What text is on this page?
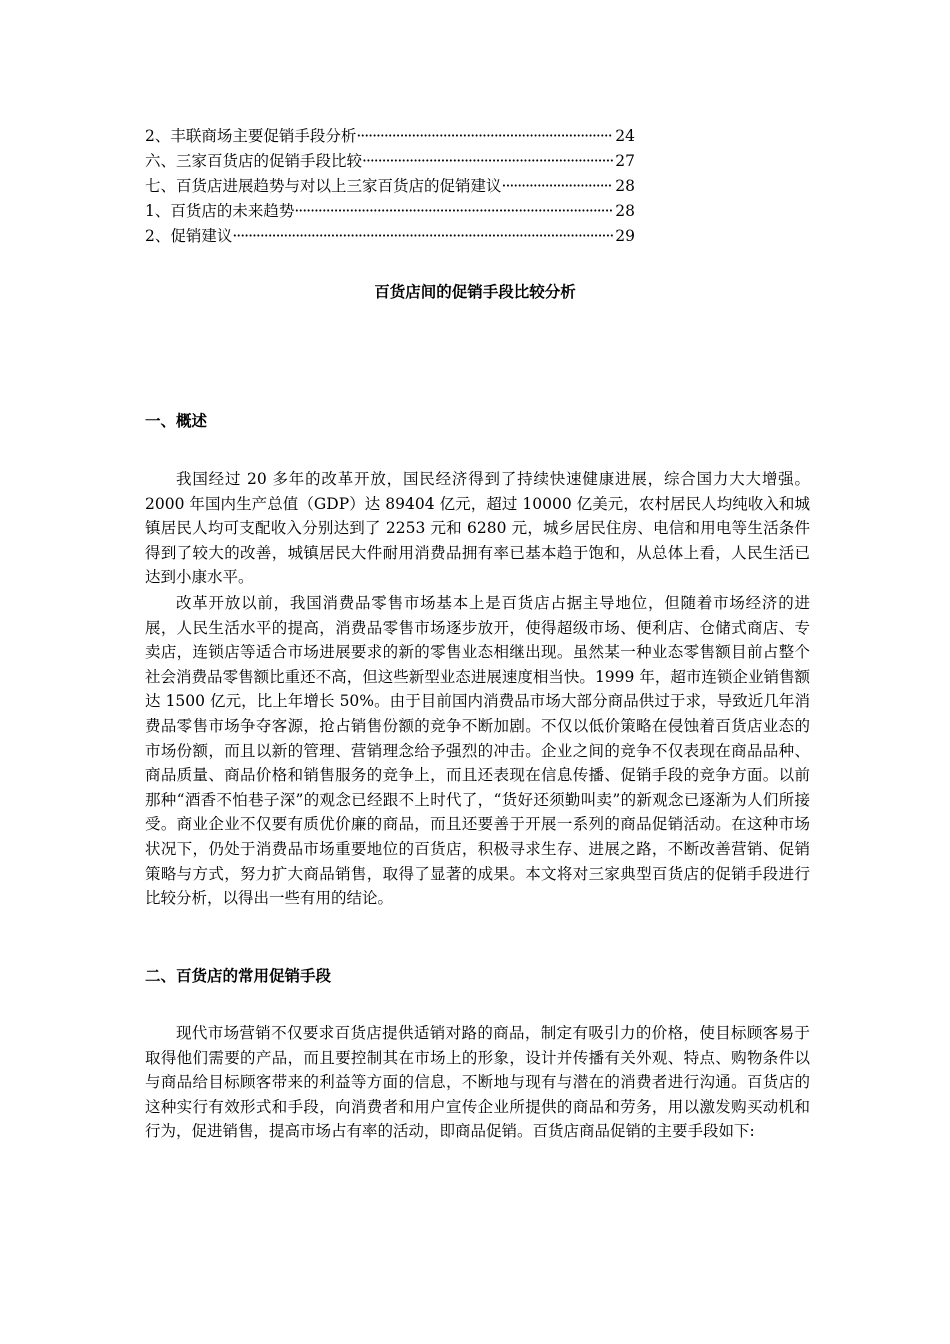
2、丰联商场主要促销手段分析 ·····	24
六、三家百货店的促销手段比较 ·····	27
七、百货店进展趋势与对以上三家百货店的促销建议 ·····	28
1、百货店的未来趋势 ·····	28
2、促销建议 ·····	29
百货店间的促销手段比较分析
一、概述

我国经过 20 多年的改革开放，国民经济得到了持续快速健康进展，综合国力大大增强。2000 年国内生产总值（GDP）达 89404 亿元，超过 10000 亿美元，农村居民人均纯收入和城镇居民人均可支配收入分别达到了 2253 元和 6280 元，城乡居民住房、电信和用电等生活条件得到了较大的改善，城镇居民大件耐用消费品拥有率已基本趋于饱和，从总体上看，人民生活已达到小康水平。

改革开放以前，我国消费品零售市场基本上是百货店占据主导地位，但随着市场经济的进展，人民生活水平的提高，消费品零售市场逐步放开，使得超级市场、便利店、仓储式商店、专卖店，连锁店等适合市场进展要求的新的零售业态相继出现。虽然某一种业态零售额目前占整个社会消费品零售额比重还不高，但这些新型业态进展速度相当快。1999 年，超市连锁企业销售额达 1500 亿元，比上年增长 50%。由于目前国内消费品市场大部分商品供过于求，导致近几年消费品零售市场争夺客源，抢占销售份额的竞争不断加剧。不仅以低价策略在侵蚀着百货店业态的市场份额，而且以新的管理、营销理念给予强烈的冲击。企业之间的竞争不仅表现在商品品种、商品质量、商品价格和销售服务的竞争上，而且还表现在信息传播、促销手段的竞争方面。以前那种“酒香不怕巷子深”的观念已经跟不上时代了，“货好还须勤叫卖”的新观念已逐渐为人们所接受。商业企业不仅要有质优价廉的商品，而且还要善于开展一系列的商品促销活动。在这种市场状况下，仍处于消费品市场重要地位的百货店，积极寻求生存、进展之路，不断改善营销、促销策略与方式，努力扩大商品销售，取得了显著的成果。本文将对三家典型百货店的促销手段进行比较分析，以得出一些有用的结论。

二、百货店的常用促销手段

现代市场营销不仅要求百货店提供适销对路的商品，制定有吸引力的价格，使目标顾客易于取得他们需要的产品，而且要控制其在市场上的形象，设计并传播有关外观、特点、购物条件以与商品给目标顾客带来的利益等方面的信息，不断地与现有与潜在的消费者进行沟通。百货店的这种实行有效形式和手段，向消费者和用户宣传企业所提供的商品和劳务，用以激发购买动机和行为，促进销售，提高市场占有率的活动，即商品促销。百货店商品促销的主要手段如下:
